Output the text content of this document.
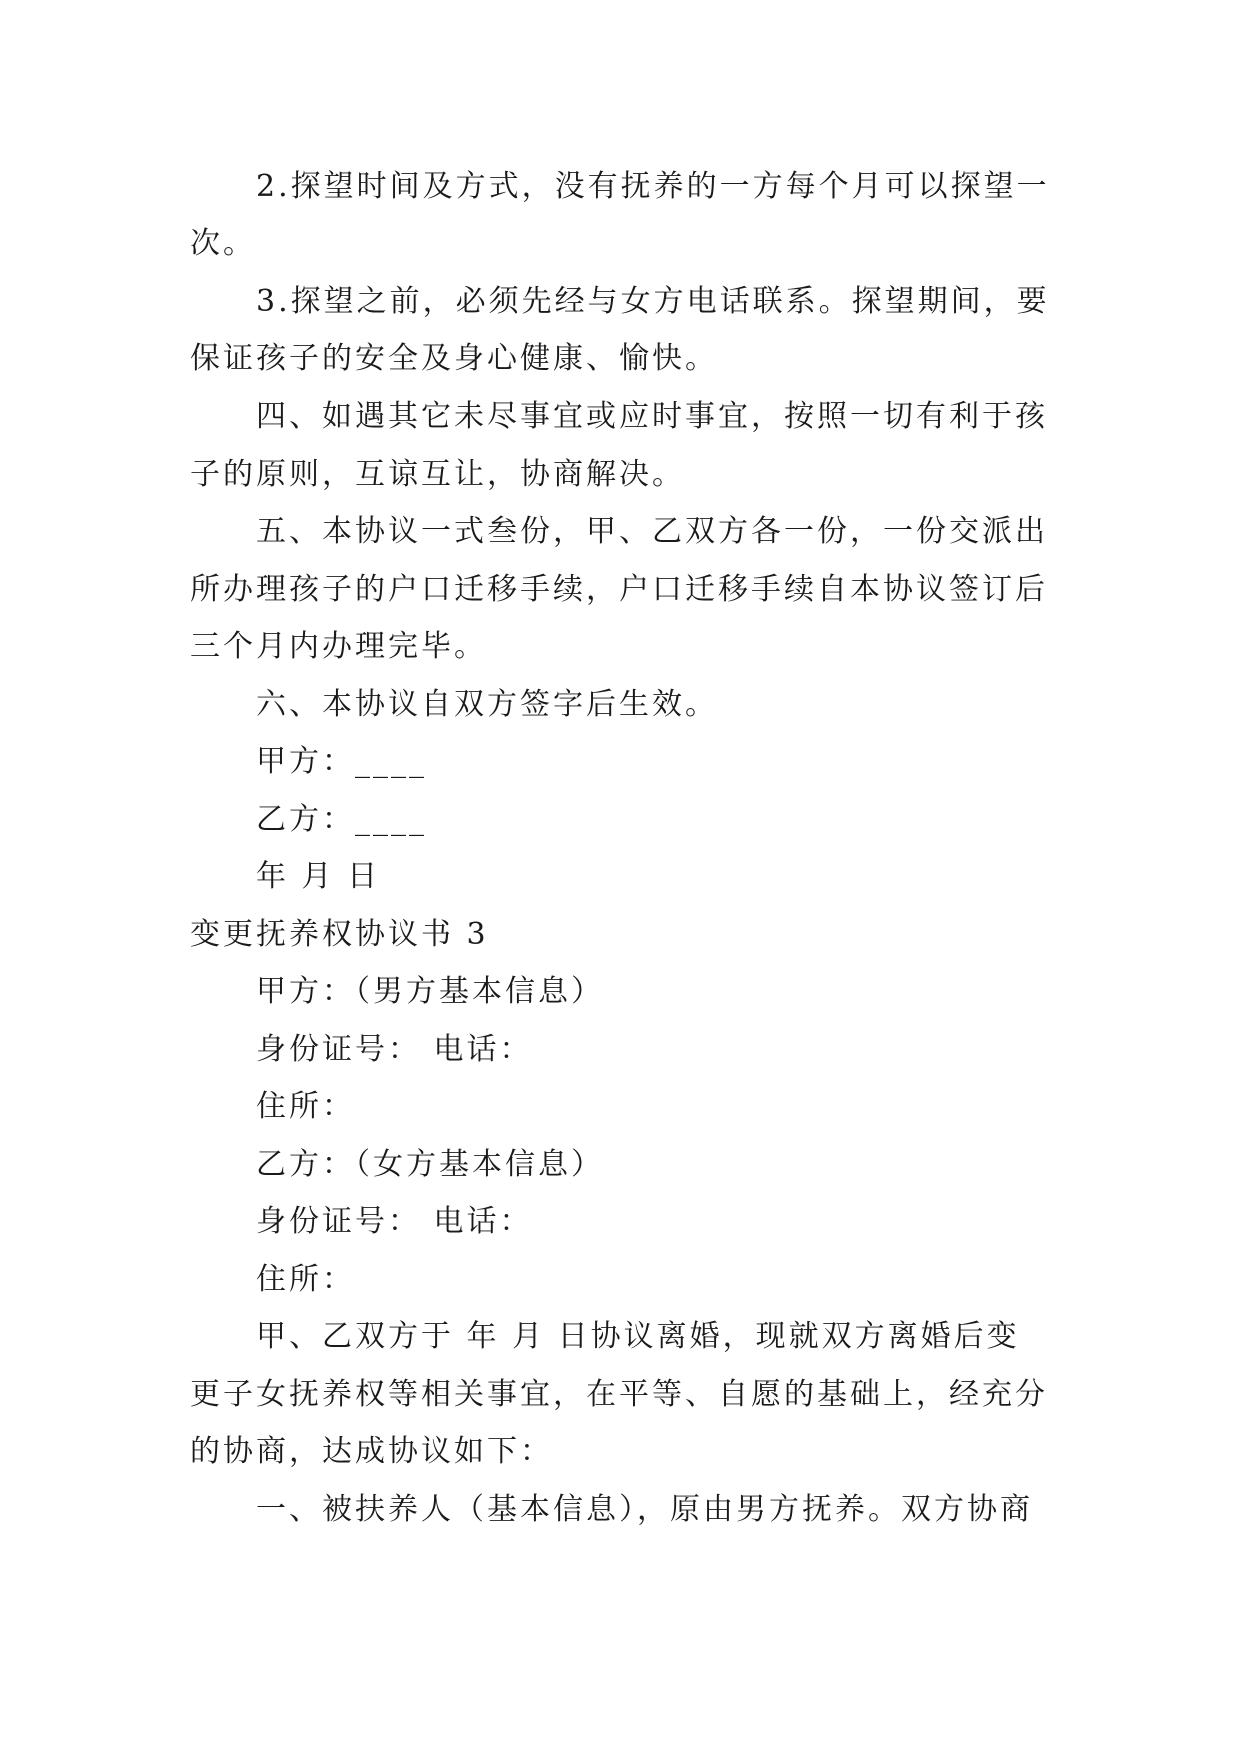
2.探望时间及方式，没有抚养的一方每个月可以探望一
次。
3.探望之前，必须先经与女方电话联系。探望期间，要
保证孩子的安全及身心健康、愉快。
四、如遇其它未尽事宜或应时事宜，按照一切有利于孩
子的原则，互谅互让，协商解决。
五、本协议一式叁份，甲、乙双方各一份，一份交派出
所办理孩子的户口迁移手续，户口迁移手续自本协议签订后
三个月内办理完毕。
六、本协议自双方签字后生效。
甲方：____
乙方：____
年 月 日
变更抚养权协议书 3
甲方：（男方基本信息）
身份证号： 电话：
住所：
乙方：（女方基本信息）
身份证号： 电话：
住所：
甲、乙双方于 年 月 日协议离婚，现就双方离婚后变
更子女抚养权等相关事宜，在平等、自愿的基础上，经充分
的协商，达成协议如下：
一、被扶养人（基本信息），原由男方抚养。双方协商
